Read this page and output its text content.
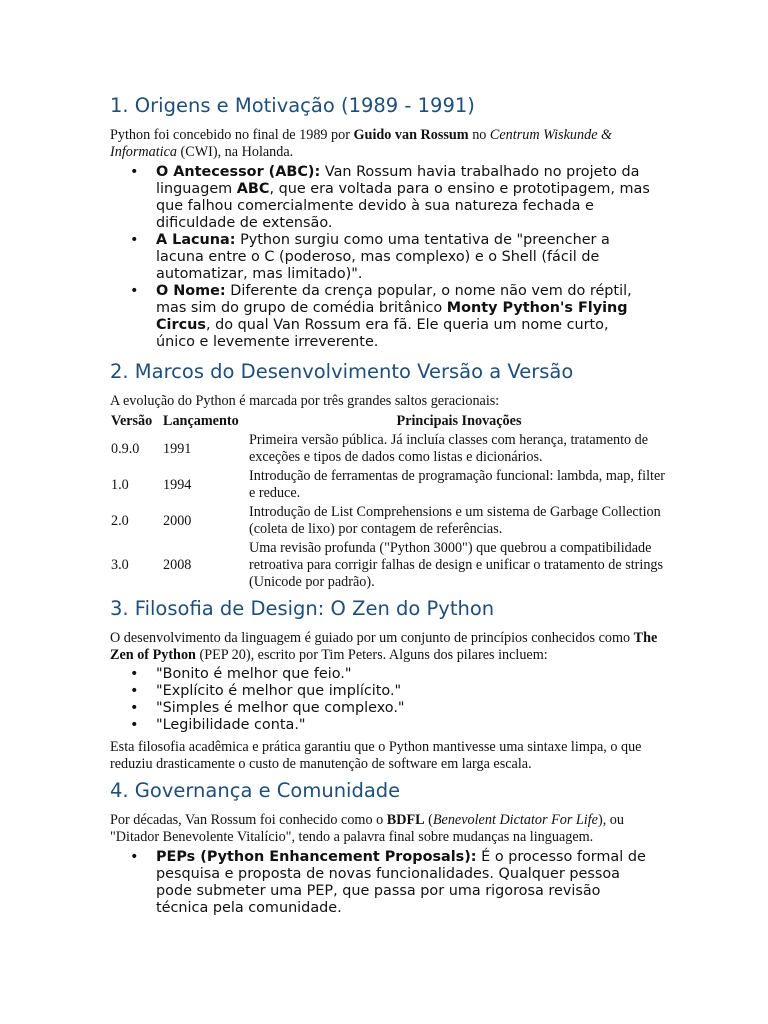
1. Origens e Motivação (1989 - 1991)

Python foi concebido no final de 1989 por Guido van Rossum no Centrum Wiskunde & Informatica (CWI), na Holanda.

• O Antecessor (ABC): Van Rossum havia trabalhado no projeto da linguagem ABC, que era voltada para o ensino e prototipagem, mas que falhou comercialmente devido à sua natureza fechada e dificuldade de extensão.
• A Lacuna: Python surgiu como uma tentativa de "preencher a lacuna entre o C (poderoso, mas complexo) e o Shell (fácil de automatizar, mas limitado)".
• O Nome: Diferente da crença popular, o nome não vem do réptil, mas sim do grupo de comédia britânico Monty Python's Flying Circus, do qual Van Rossum era fã. Ele queria um nome curto, único e levemente irreverente.
2. Marcos do Desenvolvimento Versão a Versão

A evolução do Python é marcada por três grandes saltos geracionais:

Versão	Lançamento	Principais Inovações
0.9.0	1991	Primeira versão pública. Já incluía classes com herança, tratamento de exceções e tipos de dados como listas e dicionários.
1.0	1994	Introdução de ferramentas de programação funcional: lambda, map, filter e reduce.
2.0	2000	Introdução de List Comprehensions e um sistema de Garbage Collection (coleta de lixo) por contagem de referências.
3.0	2008	Uma revisão profunda ("Python 3000") que quebrou a compatibilidade retroativa para corrigir falhas de design e unificar o tratamento de strings (Unicode por padrão).
3. Filosofia de Design: O Zen do Python

O desenvolvimento da linguagem é guiado por um conjunto de princípios conhecidos como The Zen of Python (PEP 20), escrito por Tim Peters. Alguns dos pilares incluem:

• "Bonito é melhor que feio."
• "Explícito é melhor que implícito."
• "Simples é melhor que complexo."
• "Legibilidade conta."

Esta filosofia acadêmica e prática garantiu que o Python mantivesse uma sintaxe limpa, o que reduziu drasticamente o custo de manutenção de software em larga escala.

4. Governança e Comunidade

Por décadas, Van Rossum foi conhecido como o BDFL (Benevolent Dictator For Life), ou "Ditador Benevolente Vitalício", tendo a palavra final sobre mudanças na linguagem.

• PEPs (Python Enhancement Proposals): É o processo formal de pesquisa e proposta de novas funcionalidades. Qualquer pessoa pode submeter uma PEP, que passa por uma rigorosa revisão técnica pela comunidade.
